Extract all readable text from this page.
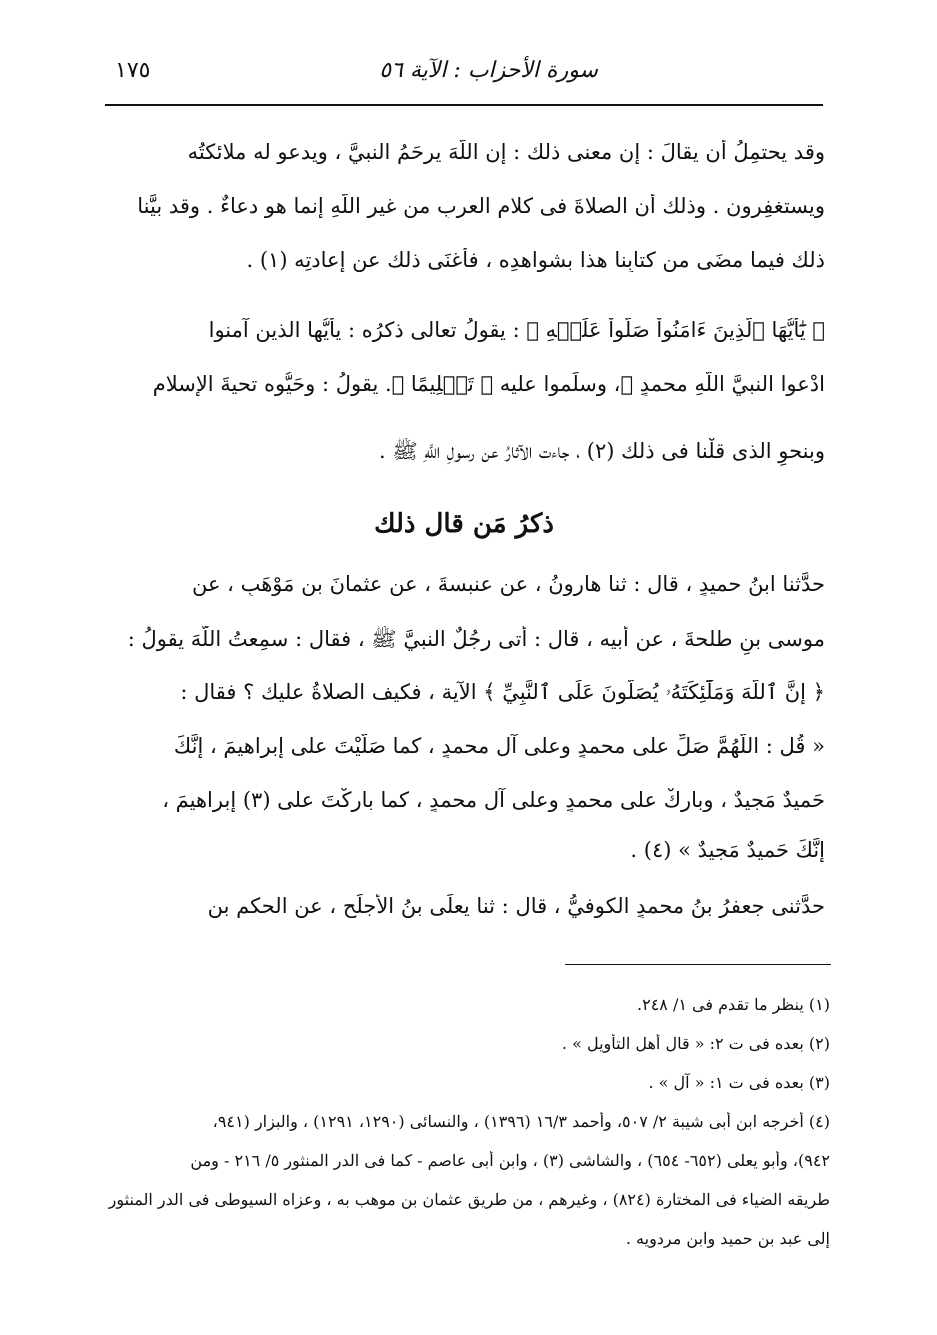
سورة الأحزاب : الآية ٥٦
١٧٥
وقد يحتمِلُ أن يقالَ : إن معنى ذلك : إن اللَّهَ يرحَمُ النبيَّ ، ويدعو له ملائكتُه
ويستغفِرون . وذلك أن الصلاةَ فى كلامِ العربِ من غيرِ اللَّهِ إنما هو دعاءٌ . وقد بيَّنا
ذلك فيما مضَى من كتابِنا هذا بشواهدِه ، فأغنَى ذلك عن إعادتِه (١) .
﴿ يَٰٓأَيُّهَا ٱلَّذِينَ ءَامَنُواْ صَلُّواْ عَلَيۡهِ ﴾ : يقولُ تعالى ذكرُه : يأيُّها الذين آمنوا
ادْعوا النبيَّ اللَّهِ محمدٍ ﷺ، وسلِّموا عليه ﴿ تَسۡلِيمًا ﴾. يقولُ : وحَيُّوه تحيةَ الإسلامِ
وبنحوِ الذى قلْنا فى ذلك (٢) ، جاءت الآثارُ عن رسولِ اللَّهِ ﷺ .
ذكرُ مَن قال ذلك
حدَّثنا ابنُ حميدٍ ، قال : ثنا هارونُ ، عن عنبسةَ ، عن عثمانَ بنِ مَوْهَبٍ ، عن
موسى بنِ طلحةَ ، عن أبيه ، قال : أتى رجُلٌ النبيَّ ﷺ ، فقال : سمِعتُ اللَّهَ يقولُ :
﴿ إِنَّ ٱللَّهَ وَمَلَٰٓئِكَتَهُۥ يُصَلُّونَ عَلَى ٱلنَّبِيِّ ﴾ الآية ، فكيف الصلاةُ عليك ؟ فقال :
« قُلِ : اللَّهُمَّ صَلِّ على محمدٍ وعلى آلِ محمدٍ ، كما صَلَّيْتَ على إبراهيمَ ، إنَّكَ
حَميدٌ مَجيدٌ ، وبارِكْ على محمدٍ وعلى آلِ محمدٍ ، كما باركْتَ على (٣) إبراهيمَ ،
إنَّكَ حَميدٌ مَجيدٌ » (٤) .
حدَّثنى جعفرُ بنُ محمدٍ الكوفيُّ ، قال : ثنا يعلَى بنُ الأجلَحِ ، عن الحكمِ بنِ
(١) ينظر ما تقدم فى ١/ ٢٤٨.
(٢) بعده فى ت ٢: « قال أهل التأويل » .
(٣) بعده فى ت ١: « آل » .
(٤) أخرجه ابن أبى شيبة ٢/ ٥٠٧، وأحمد ١٦/٣ (١٣٩٦) ، والنسائى (١٢٩٠، ١٢٩١) ، والبزار (٩٤١،
٩٤٢)، وأبو يعلى (٦٥٢- ٦٥٤) ، والشاشى (٣) ، وابن أبى عاصم - كما فى الدر المنثور ٥/ ٢١٦ - ومن
طريقه الضياء فى المختارة (٨٢٤) ، وغيرهم ، من طريق عثمان بن موهب به ، وعزاه السيوطى فى الدر المنثور
إلى عبد بن حميد وابن مردويه .
